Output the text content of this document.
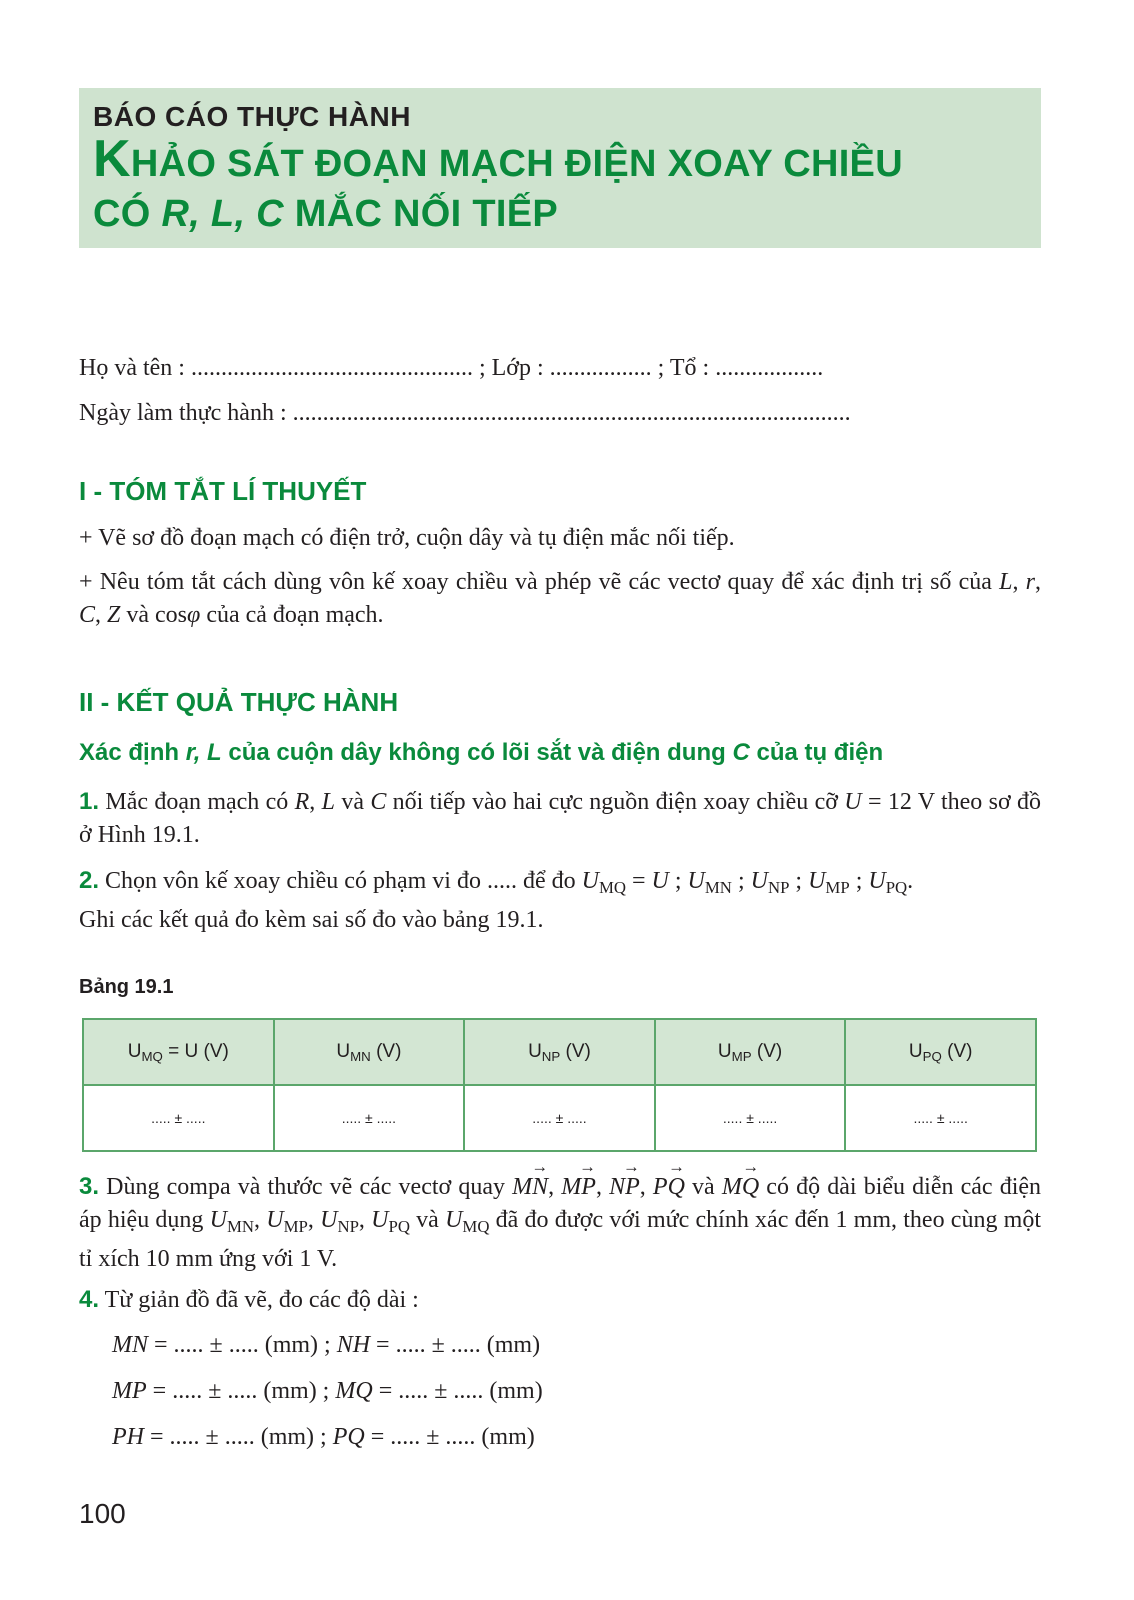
BÁO CÁO THỰC HÀNH
KHẢO SÁT ĐOẠN MẠCH ĐIỆN XOAY CHIỀU
CÓ R, L, C MẮC NỐI TIẾP
Họ và tên : ............................................... ; Lớp : ................. ; Tổ : ..................
Ngày làm thực hành : .............................................................................................
I - TÓM TẮT LÍ THUYẾT
+ Vẽ sơ đồ đoạn mạch có điện trở, cuộn dây và tụ điện mắc nối tiếp.
+ Nêu tóm tắt cách dùng vôn kế xoay chiều và phép vẽ các vectơ quay để xác định trị số của L, r, C, Z và cosφ của cả đoạn mạch.
II - KẾT QUẢ THỰC HÀNH
Xác định r, L của cuộn dây không có lõi sắt và điện dung C của tụ điện
1. Mắc đoạn mạch có R, L và C nối tiếp vào hai cực nguồn điện xoay chiều cỡ U = 12 V theo sơ đồ ở Hình 19.1.
2. Chọn vôn kế xoay chiều có phạm vi đo ..... để đo $U_{MQ} = U$ ; $U_{MN}$ ; $U_{NP}$ ; $U_{MP}$ ; $U_{PQ}$.
Ghi các kết quả đo kèm sai số đo vào bảng 19.1.
Bảng 19.1
$U_{MQ} = U$ (V)	$U_{MN}$ (V)	$U_{NP}$ (V)	$U_{MP}$ (V)	$U_{PQ}$ (V)
..... ± .....	..... ± .....	..... ± .....	..... ± .....	..... ± .....
3. Dùng compa và thước vẽ các vectơ quay MN →, MP →, NP →, PQ → và MQ → có độ dài biểu diễn các điện áp hiệu dụng $U_{MN}$, $U_{MP}$, $U_{NP}$, $U_{PQ}$ và $U_{MQ}$ đã đo được với mức chính xác đến 1 mm, theo cùng một tỉ xích 10 mm ứng với 1 V.
4. Từ giản đồ đã vẽ, đo các độ dài :
MN = ..... ± ..... (mm) ; NH = ..... ± ..... (mm)
MP = ..... ± ..... (mm) ; MQ = ..... ± ..... (mm)
PH = ..... ± ..... (mm) ; PQ = ..... ± ..... (mm)
100
